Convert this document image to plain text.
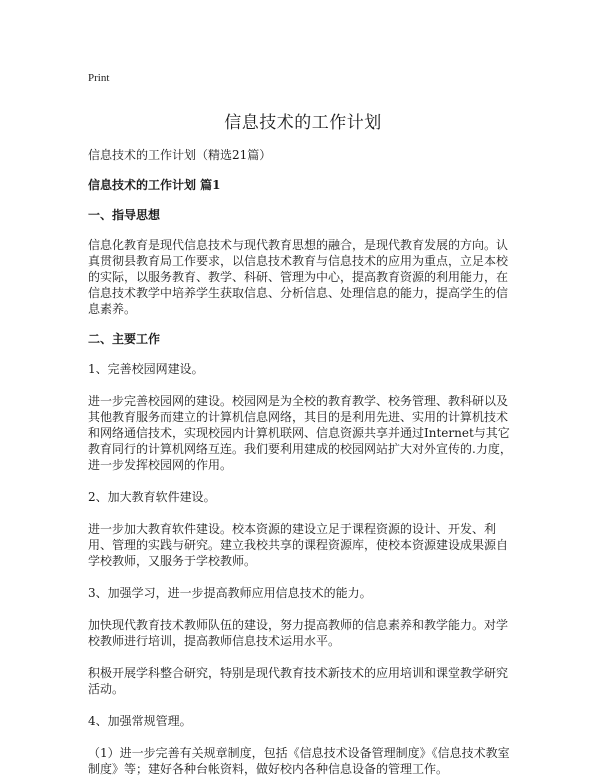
Print

信息技术的工作计划

信息技术的工作计划（精选21篇）

信息技术的工作计划 篇1

一、指导思想

信息化教育是现代信息技术与现代教育思想的融合，是现代教育发展的方向。认真贯彻县教育局工作要求，以信息技术教育与信息技术的应用为重点，立足本校的实际，以服务教育、教学、科研、管理为中心，提高教育资源的利用能力，在信息技术教学中培养学生获取信息、分析信息、处理信息的能力，提高学生的信息素养。

二、主要工作

1、完善校园网建设。

进一步完善校园网的建设。校园网是为全校的教育教学、校务管理、教科研以及其他教育服务而建立的计算机信息网络，其目的是利用先进、实用的计算机技术和网络通信技术，实现校园内计算机联网、信息资源共享并通过Internet与其它教育同行的计算机网络互连。我们要利用建成的校园网站扩大对外宣传的.力度，进一步发挥校园网的作用。

2、加大教育软件建设。

进一步加大教育软件建设。校本资源的建设立足于课程资源的设计、开发、利用、管理的实践与研究。建立我校共享的课程资源库，使校本资源建设成果源自学校教师，又服务于学校教师。

3、加强学习，进一步提高教师应用信息技术的能力。

加快现代教育技术教师队伍的建设，努力提高教师的信息素养和教学能力。对学校教师进行培训，提高教师信息技术运用水平。

积极开展学科整合研究，特别是现代教育技术新技术的应用培训和课堂教学研究活动。

4、加强常规管理。

（1）进一步完善有关规章制度，包括《信息技术设备管理制度》《信息技术教室制度》等；建好各种台帐资料，做好校内各种信息设备的管理工作。
